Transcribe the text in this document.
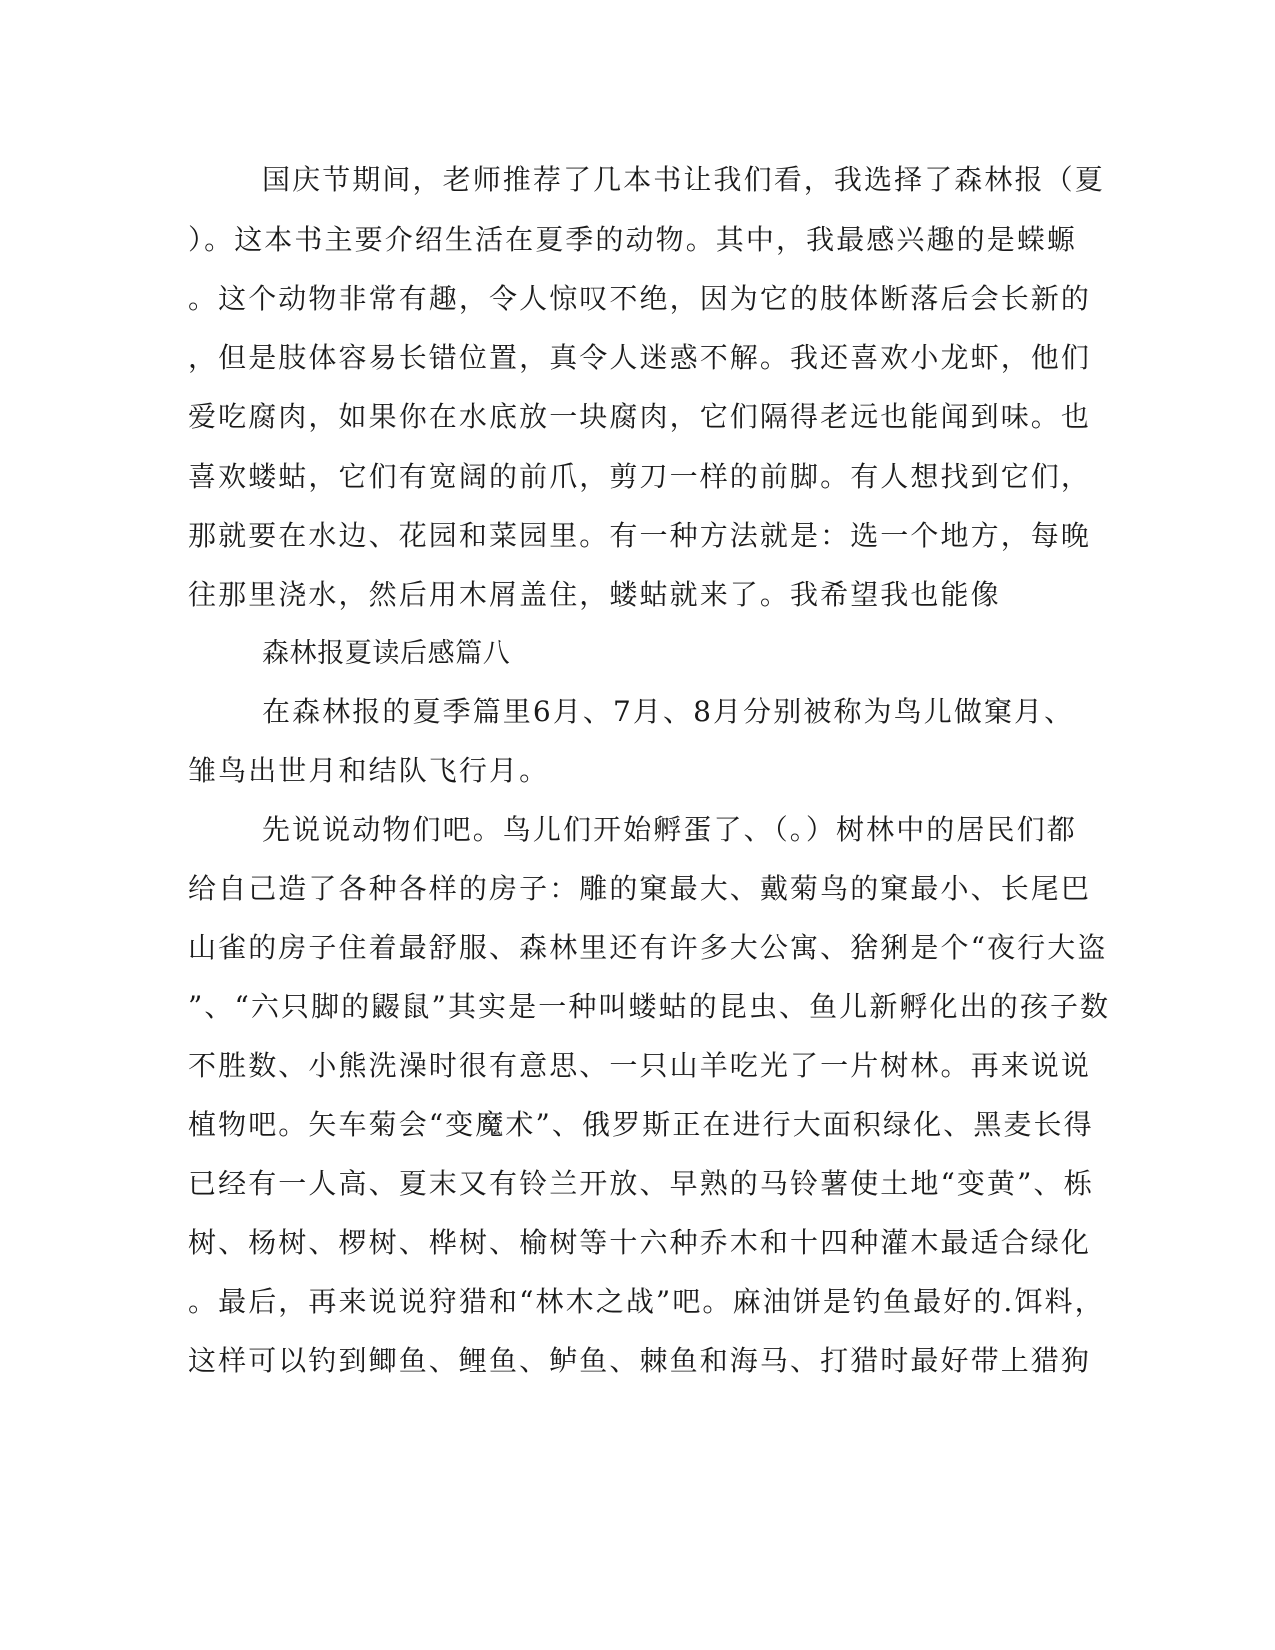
国庆节期间，老师推荐了几本书让我们看，我选择了森林报（夏
）。这本书主要介绍生活在夏季的动物。其中，我最感兴趣的是蝾螈
。这个动物非常有趣，令人惊叹不绝，因为它的肢体断落后会长新的
，但是肢体容易长错位置，真令人迷惑不解。我还喜欢小龙虾，他们
爱吃腐肉，如果你在水底放一块腐肉，它们隔得老远也能闻到味。也
喜欢蝼蛄，它们有宽阔的前爪，剪刀一样的前脚。有人想找到它们，
那就要在水边、花园和菜园里。有一种方法就是：选一个地方，每晚
往那里浇水，然后用木屑盖住，蝼蛄就来了。我希望我也能像
森林报夏读后感篇八
在森林报的夏季篇里6月、7月、8月分别被称为鸟儿做窠月、
雏鸟出世月和结队飞行月。
先说说动物们吧。鸟儿们开始孵蛋了、（。）树林中的居民们都
给自己造了各种各样的房子：雕的窠最大、戴菊鸟的窠最小、长尾巴
山雀的房子住着最舒服、森林里还有许多大公寓、猞猁是个“夜行大盗
”、“六只脚的鼹鼠”其实是一种叫蝼蛄的昆虫、鱼儿新孵化出的孩子数
不胜数、小熊洗澡时很有意思、一只山羊吃光了一片树林。再来说说
植物吧。矢车菊会“变魔术”、俄罗斯正在进行大面积绿化、黑麦长得
已经有一人高、夏末又有铃兰开放、早熟的马铃薯使土地“变黄”、栎
树、杨树、椤树、桦树、榆树等十六种乔木和十四种灌木最适合绿化
。最后，再来说说狩猎和“林木之战”吧。麻油饼是钓鱼最好的.饵料，
这样可以钓到鲫鱼、鲤鱼、鲈鱼、棘鱼和海马、打猎时最好带上猎狗
